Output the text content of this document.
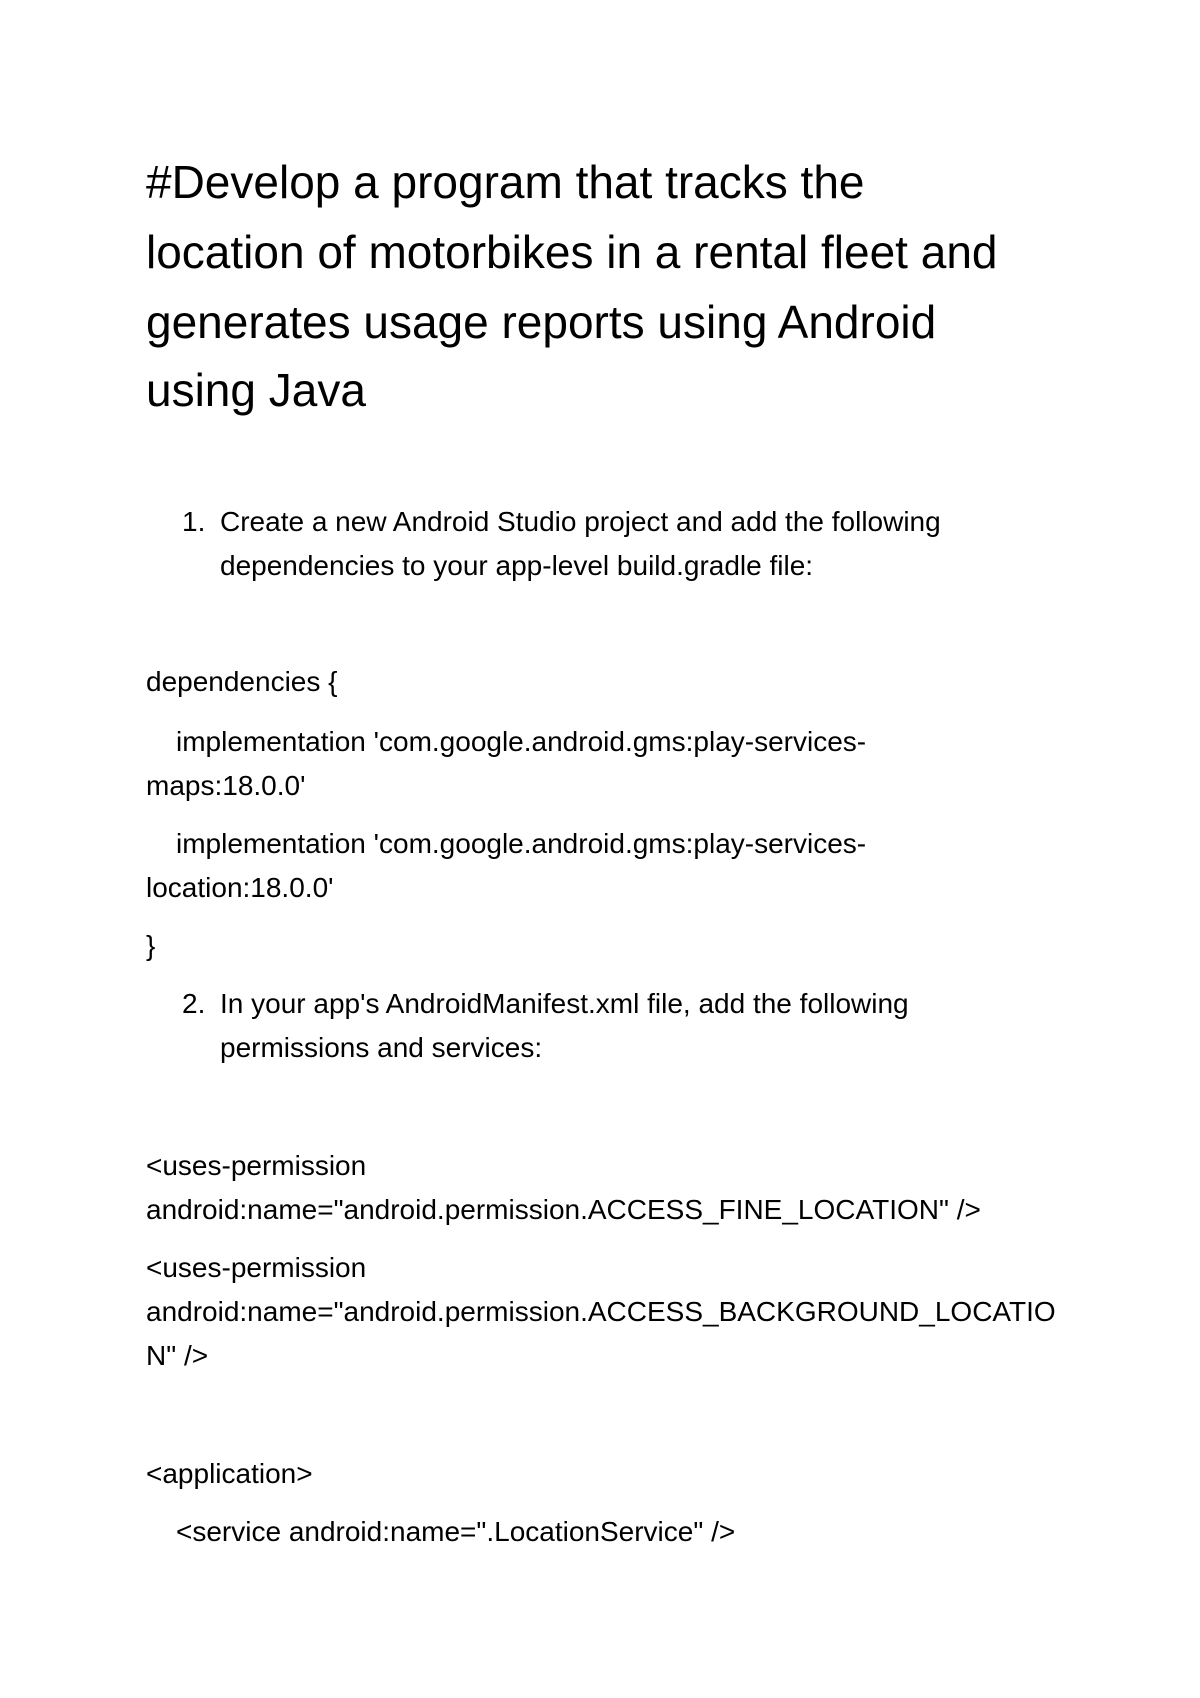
#Develop a program that tracks the
location of motorbikes in a rental fleet and
generates usage reports using Android
using Java
1. Create a new Android Studio project and add the following
dependencies to your app-level build.gradle file:
dependencies {
implementation 'com.google.android.gms:play-services-
maps:18.0.0'
implementation 'com.google.android.gms:play-services-
location:18.0.0'
}
2. In your app's AndroidManifest.xml file, add the following
permissions and services:
<uses-permission
android:name="android.permission.ACCESS_FINE_LOCATION" />
<uses-permission
android:name="android.permission.ACCESS_BACKGROUND_LOCATIO
N" />
<application>
<service android:name=".LocationService" />
